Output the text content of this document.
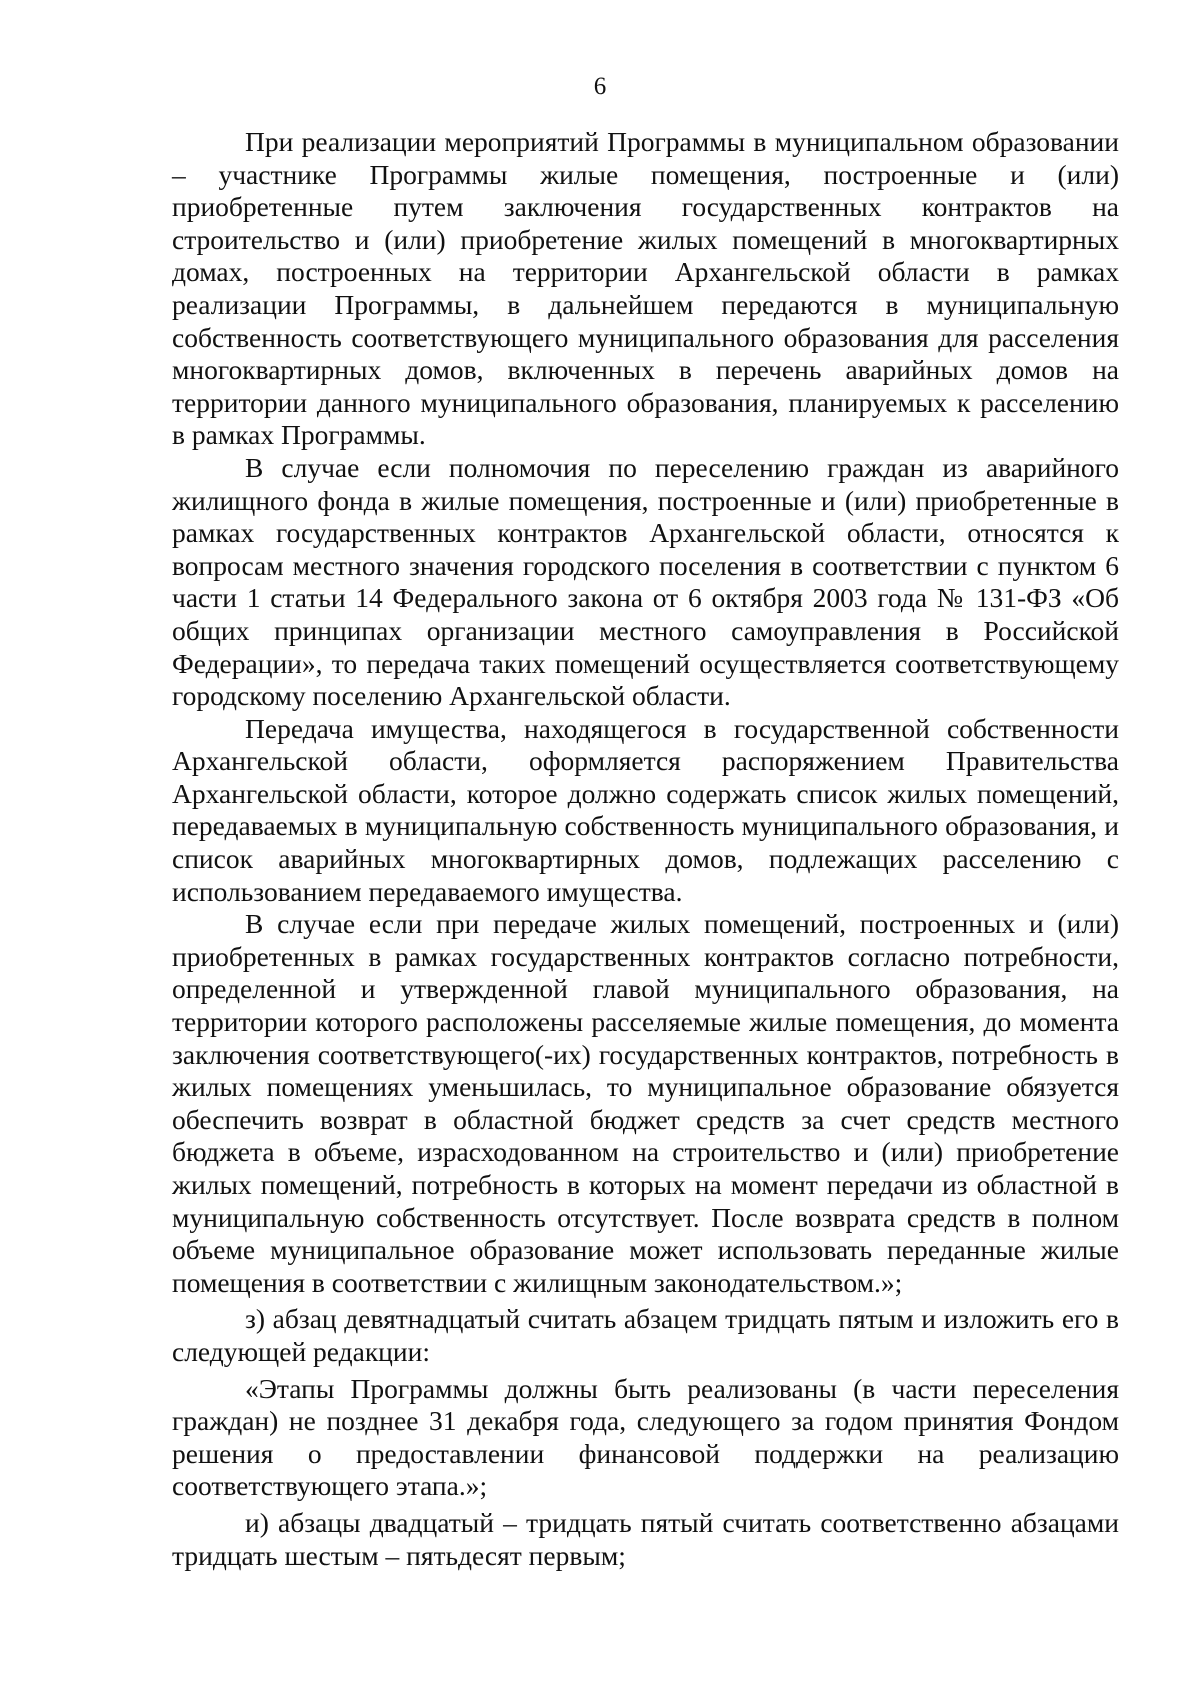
6

При реализации мероприятий Программы в муниципальном образовании – участнике Программы жилые помещения, построенные и (или) приобретенные путем заключения государственных контрактов на строительство и (или) приобретение жилых помещений в многоквартирных домах, построенных на территории Архангельской области в рамках реализации Программы, в дальнейшем передаются в муниципальную собственность соответствующего муниципального образования для расселения многоквартирных домов, включенных в перечень аварийных домов на территории данного муниципального образования, планируемых к расселению в рамках Программы.

В случае если полномочия по переселению граждан из аварийного жилищного фонда в жилые помещения, построенные и (или) приобретенные в рамках государственных контрактов Архангельской области, относятся к вопросам местного значения городского поселения в соответствии с пунктом 6 части 1 статьи 14 Федерального закона от 6 октября 2003 года № 131-ФЗ «Об общих принципах организации местного самоуправления в Российской Федерации», то передача таких помещений осуществляется соответствующему городскому поселению Архангельской области.

Передача имущества, находящегося в государственной собственности Архангельской области, оформляется распоряжением Правительства Архангельской области, которое должно содержать список жилых помещений, передаваемых в муниципальную собственность муниципального образования, и список аварийных многоквартирных домов, подлежащих расселению с использованием передаваемого имущества.

В случае если при передаче жилых помещений, построенных и (или) приобретенных в рамках государственных контрактов согласно потребности, определенной и утвержденной главой муниципального образования, на территории которого расположены расселяемые жилые помещения, до момента заключения соответствующего(-их) государственных контрактов, потребность в жилых помещениях уменьшилась, то муниципальное образование обязуется обеспечить возврат в областной бюджет средств за счет средств местного бюджета в объеме, израсходованном на строительство и (или) приобретение жилых помещений, потребность в которых на момент передачи из областной в муниципальную собственность отсутствует. После возврата средств в полном объеме муниципальное образование может использовать переданные жилые помещения в соответствии с жилищным законодательством.»;

з) абзац девятнадцатый считать абзацем тридцать пятым и изложить его в следующей редакции:

«Этапы Программы должны быть реализованы (в части переселения граждан) не позднее 31 декабря года, следующего за годом принятия Фондом решения о предоставлении финансовой поддержки на реализацию соответствующего этапа.»;

и) абзацы двадцатый – тридцать пятый считать соответственно абзацами тридцать шестым – пятьдесят первым;
